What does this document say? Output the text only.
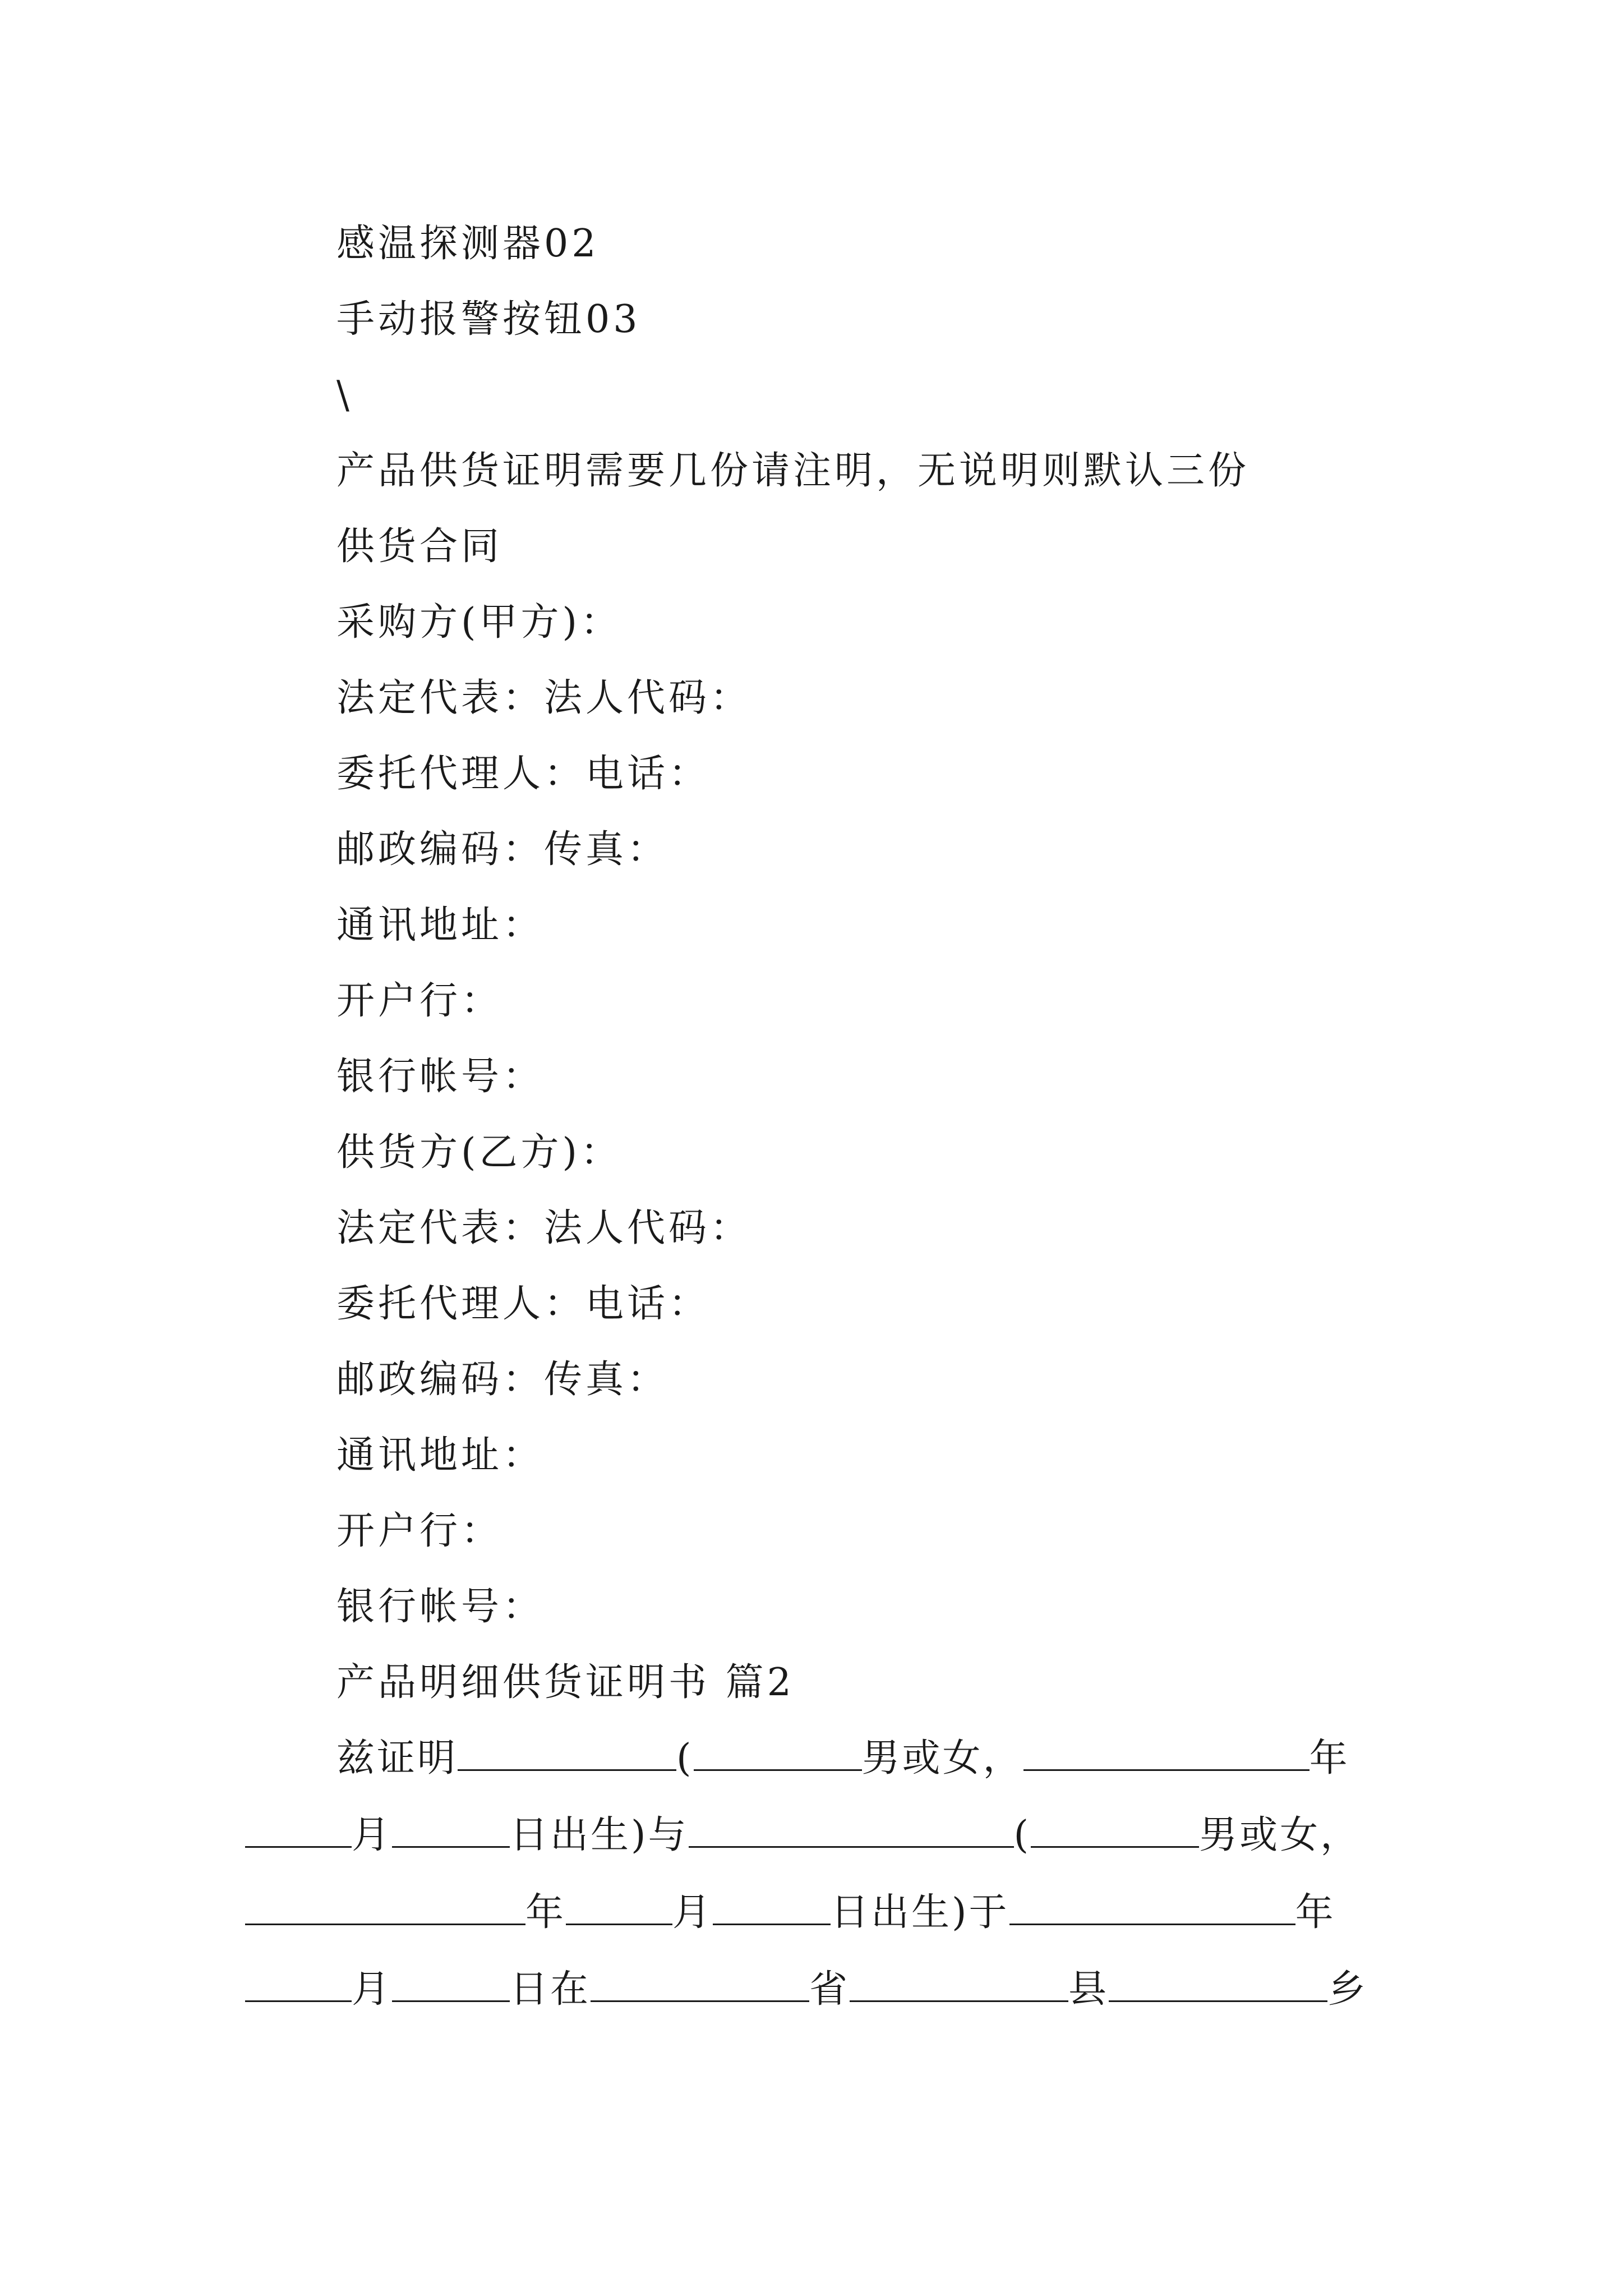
感温探测器02
手动报警按钮03
\
产品供货证明需要几份请注明，无说明则默认三份
供货合同
采购方(甲方)：
法定代表：法人代码：
委托代理人：电话：
邮政编码：传真：
通讯地址：
开户行：
银行帐号：
供货方(乙方)：
法定代表：法人代码：
委托代理人：电话：
邮政编码：传真：
通讯地址：
开户行：
银行帐号：
产品明细供货证明书 篇2
兹证明	(	男或女，	年
月	日出生)与	(	男或女，
年	月	日出生)于	年
月	日在	省	县	乡
